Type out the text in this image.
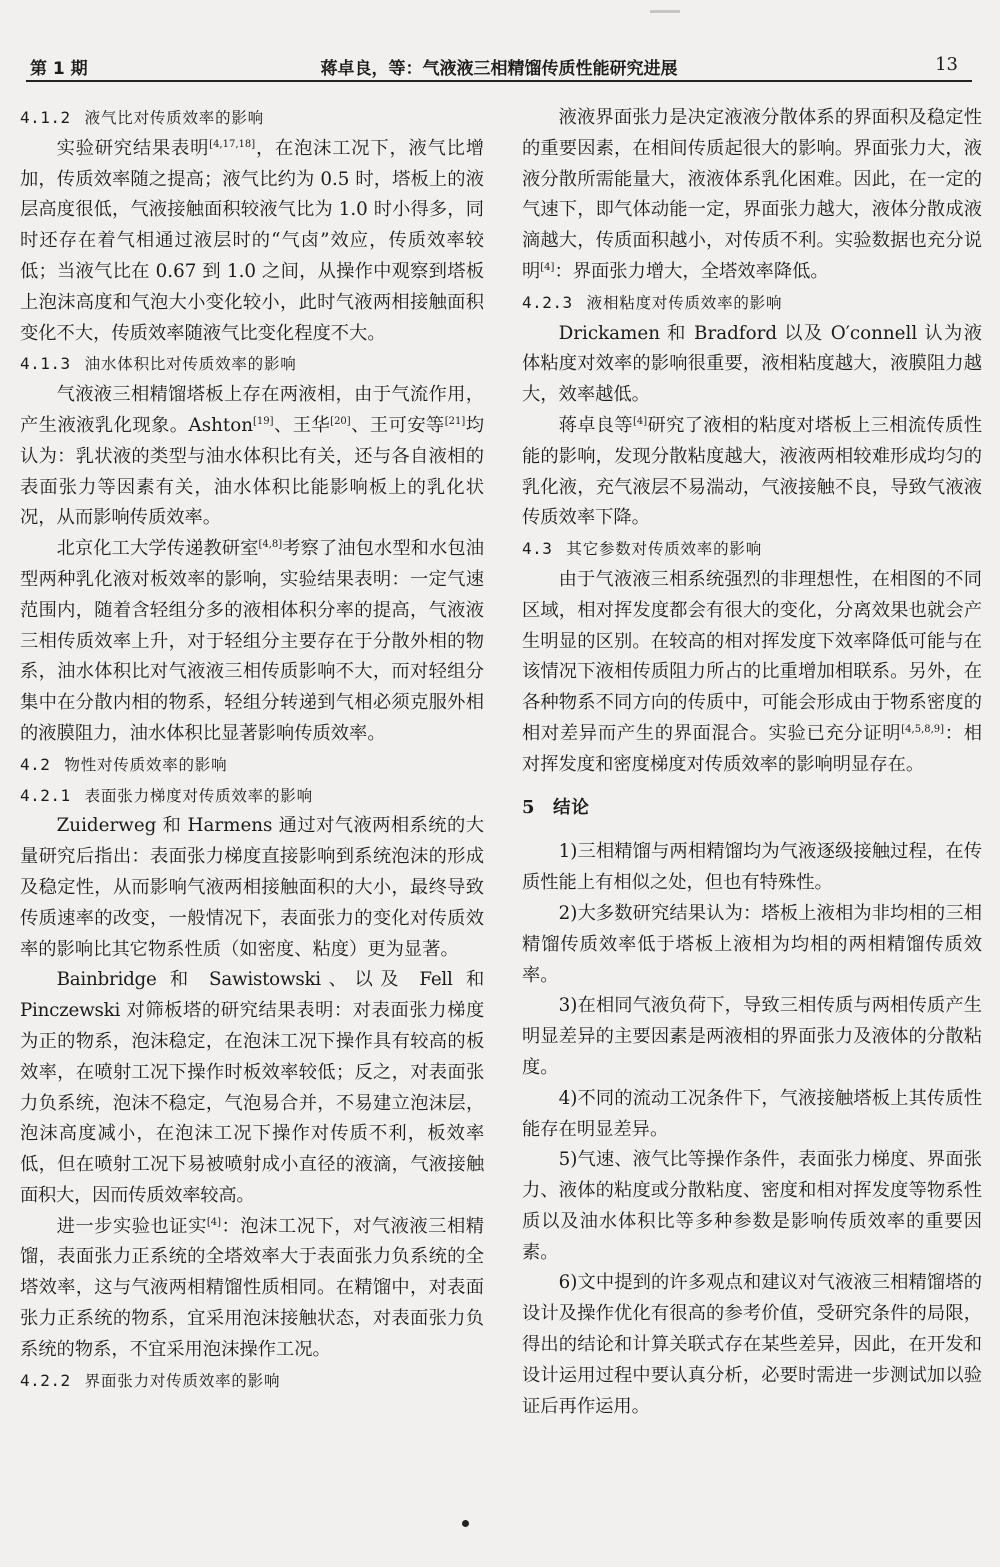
第 1 期	蒋卓良，等：气液液三相精馏传质性能研究进展	13
4.1.2 液气比对传质效率的影响

实验研究结果表明[4,17,18]，在泡沫工况下，液气比增加，传质效率随之提高；液气比约为 0.5 时，塔板上的液层高度很低，气液接触面积较液气比为 1.0 时小得多，同时还存在着气相通过液层时的“气卤”效应，传质效率较低；当液气比在 0.67 到 1.0 之间，从操作中观察到塔板上泡沫高度和气泡大小变化较小，此时气液两相接触面积变化不大，传质效率随液气比变化程度不大。

4.1.3 油水体积比对传质效率的影响

气液液三相精馏塔板上存在两液相，由于气流作用，产生液液乳化现象。Ashton[19]、王华[20]、王可安等[21]均认为：乳状液的类型与油水体积比有关，还与各自液相的表面张力等因素有关，油水体积比能影响板上的乳化状况，从而影响传质效率。

北京化工大学传递教研室[4,8]考察了油包水型和水包油型两种乳化液对板效率的影响，实验结果表明：一定气速范围内，随着含轻组分多的液相体积分率的提高，气液液三相传质效率上升，对于轻组分主要存在于分散外相的物系，油水体积比对气液液三相传质影响不大，而对轻组分集中在分散内相的物系，轻组分转递到气相必须克服外相的液膜阻力，油水体积比显著影响传质效率。

4.2 物性对传质效率的影响
4.2.1 表面张力梯度对传质效率的影响

Zuiderweg 和 Harmens 通过对气液两相系统的大量研究后指出：表面张力梯度直接影响到系统泡沫的形成及稳定性，从而影响气液两相接触面积的大小，最终导致传质速率的改变，一般情况下，表面张力的变化对传质效率的影响比其它物系性质（如密度、粘度）更为显著。

Bainbridge 和 Sawistowski、以及 Fell 和 Pinczewski 对筛板塔的研究结果表明：对表面张力梯度为正的物系，泡沫稳定，在泡沫工况下操作具有较高的板效率，在喷射工况下操作时板效率较低；反之，对表面张力负系统，泡沫不稳定，气泡易合并，不易建立泡沫层，泡沫高度减小，在泡沫工况下操作对传质不利，板效率低，但在喷射工况下易被喷射成小直径的液滴，气液接触面积大，因而传质效率较高。

进一步实验也证实[4]：泡沫工况下，对气液液三相精馏，表面张力正系统的全塔效率大于表面张力负系统的全塔效率，这与气液两相精馏性质相同。在精馏中，对表面张力正系统的物系，宜采用泡沫接触状态，对表面张力负系统的物系，不宜采用泡沫操作工况。

4.2.2 界面张力对传质效率的影响

液液界面张力是决定液液分散体系的界面积及稳定性的重要因素，在相间传质起很大的影响。界面张力大，液液分散所需能量大，液液体系乳化困难。因此，在一定的气速下，即气体动能一定，界面张力越大，液体分散成液滴越大，传质面积越小，对传质不利。实验数据也充分说明[4]：界面张力增大，全塔效率降低。

4.2.3 液相粘度对传质效率的影响

Drickamen 和 Bradford 以及 O′connell 认为液体粘度对效率的影响很重要，液相粘度越大，液膜阻力越大，效率越低。

蒋卓良等[4]研究了液相的粘度对塔板上三相流传质性能的影响，发现分散粘度越大，液液两相较难形成均匀的乳化液，充气液层不易湍动，气液接触不良，导致气液液传质效率下降。

4.3 其它参数对传质效率的影响

由于气液液三相系统强烈的非理想性，在相图的不同区域，相对挥发度都会有很大的变化，分离效果也就会产生明显的区别。在较高的相对挥发度下效率降低可能与在该情况下液相传质阻力所占的比重增加相联系。另外，在各种物系不同方向的传质中，可能会形成由于物系密度的相对差异而产生的界面混合。实验已充分证明[4,5,8,9]：相对挥发度和密度梯度对传质效率的影响明显存在。

5 结论

1)三相精馏与两相精馏均为气液逐级接触过程，在传质性能上有相似之处，但也有特殊性。

2)大多数研究结果认为：塔板上液相为非均相的三相精馏传质效率低于塔板上液相为均相的两相精馏传质效率。

3)在相同气液负荷下，导致三相传质与两相传质产生明显差异的主要因素是两液相的界面张力及液体的分散粘度。

4)不同的流动工况条件下，气液接触塔板上其传质性能存在明显差异。

5)气速、液气比等操作条件，表面张力梯度、界面张力、液体的粘度或分散粘度、密度和相对挥发度等物系性质以及油水体积比等多种参数是影响传质效率的重要因素。

6)文中提到的许多观点和建议对气液液三相精馏塔的设计及操作优化有很高的参考价值，受研究条件的局限，得出的结论和计算关联式存在某些差异，因此，在开发和设计运用过程中要认真分析，必要时需进一步测试加以验证后再作运用。
